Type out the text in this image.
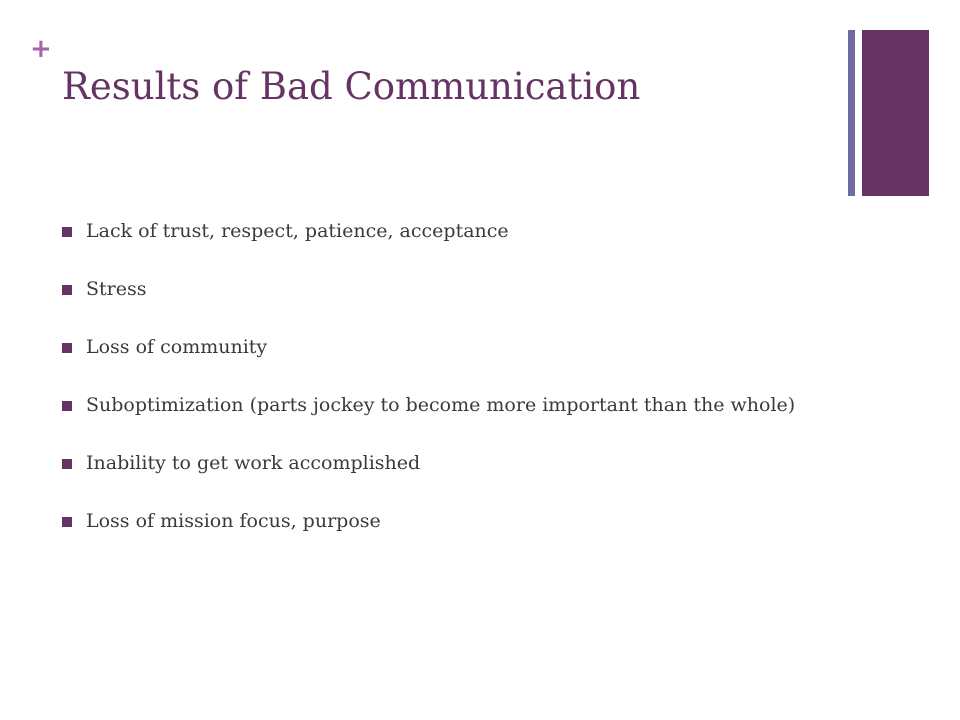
+
Results of Bad Communication
Lack of trust, respect, patience, acceptance
Stress
Loss of community
Suboptimization (parts jockey to become more important than the whole)
Inability to get work accomplished
Loss of mission focus, purpose
